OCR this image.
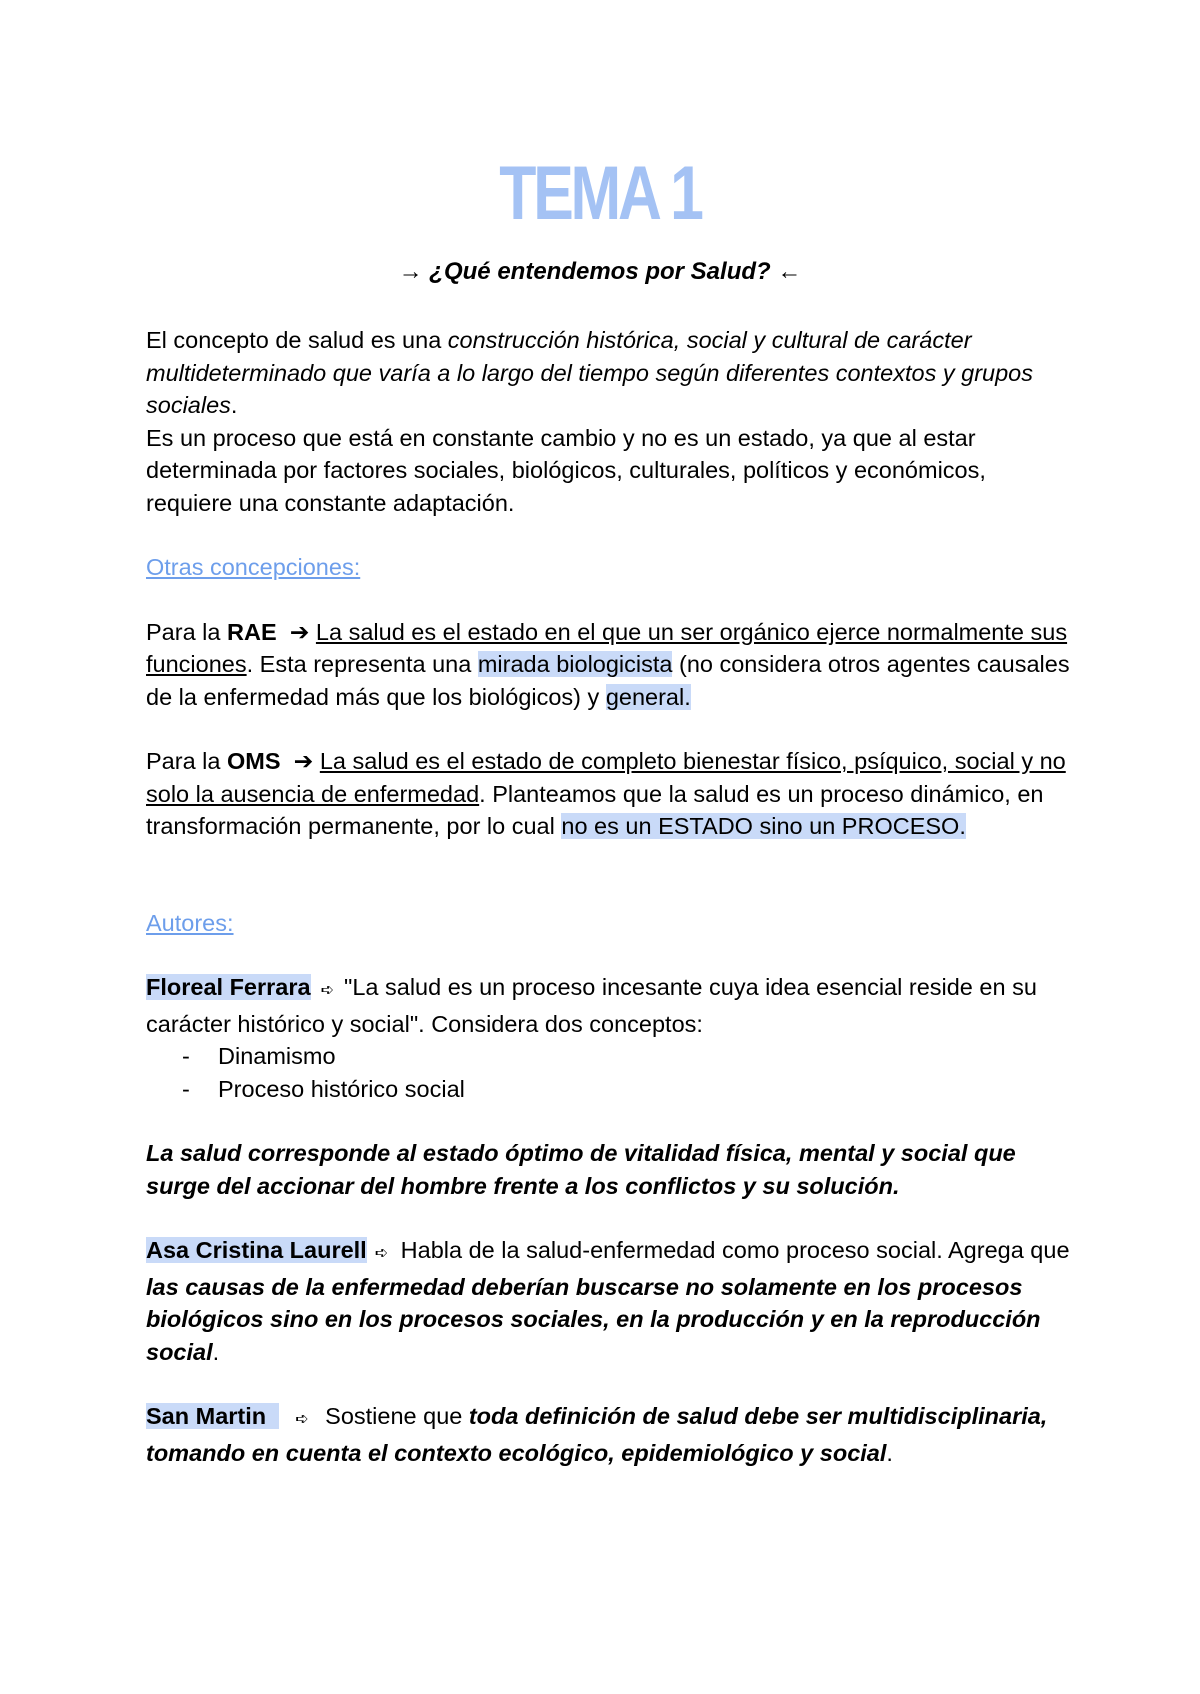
TEMA 1
→ ¿Qué entendemos por Salud? ←

El concepto de salud es una construcción histórica, social y cultural de carácter multideterminado que varía a lo largo del tiempo según diferentes contextos y grupos sociales.

Es un proceso que está en constante cambio y no es un estado, ya que al estar determinada por factores sociales, biológicos, culturales, políticos y económicos, requiere una constante adaptación.

Otras concepciones:

Para la RAE ➔ La salud es el estado en el que un ser orgánico ejerce normalmente sus funciones. Esta representa una mirada biologicista (no considera otros agentes causales de la enfermedad más que los biológicos) y general.

Para la OMS ➔ La salud es el estado de completo bienestar físico, psíquico, social y no solo la ausencia de enfermedad. Planteamos que la salud es un proceso dinámico, en transformación permanente, por lo cual no es un ESTADO sino un PROCESO.

Autores:

Floreal Ferrara ➪ "La salud es un proceso incesante cuya idea esencial reside en su carácter histórico y social". Considera dos conceptos:

- Dinamismo
- Proceso histórico social

La salud corresponde al estado óptimo de vitalidad física, mental y social que surge del accionar del hombre frente a los conflictos y su solución.

Asa Cristina Laurell ➪ Habla de la salud-enfermedad como proceso social. Agrega que las causas de la enfermedad deberían buscarse no solamente en los procesos biológicos sino en los procesos sociales, en la producción y en la reproducción social.

San Martin ➪ Sostiene que toda definición de salud debe ser multidisciplinaria, tomando en cuenta el contexto ecológico, epidemiológico y social.
